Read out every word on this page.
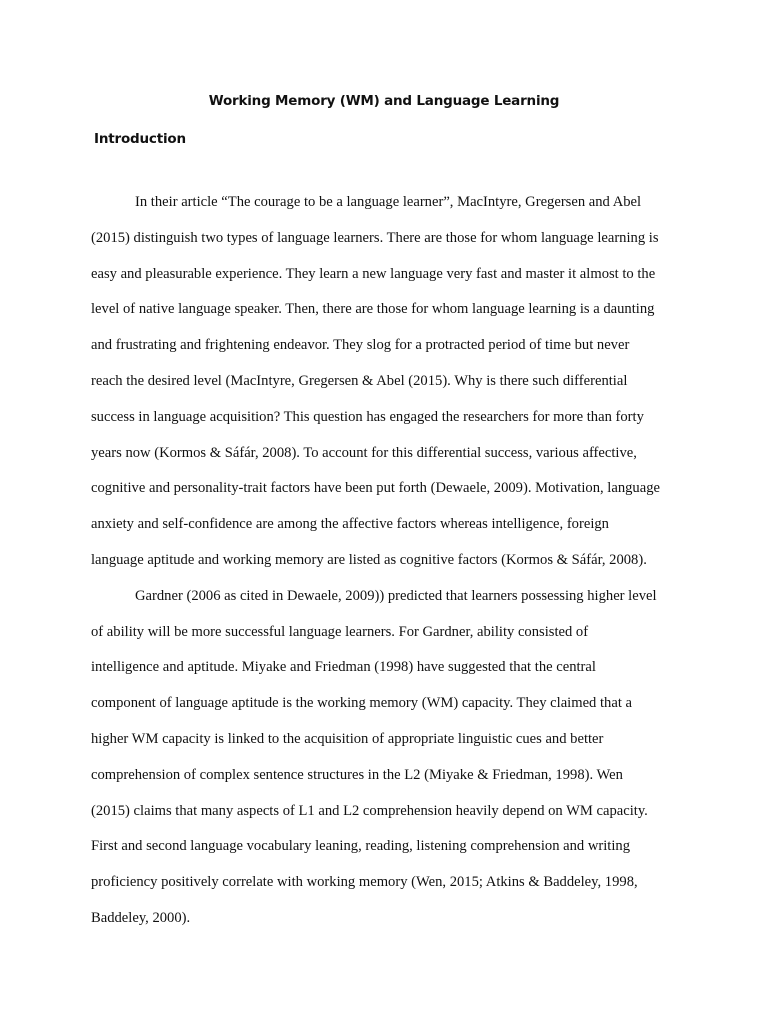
Working Memory (WM) and Language Learning
Introduction
In their article “The courage to be a language learner”, MacIntyre, Gregersen and Abel
(2015) distinguish two types of language learners. There are those for whom language learning is
easy and pleasurable experience. They learn a new language very fast and master it almost to the
level of native language speaker. Then, there are those for whom language learning is a daunting
and frustrating and frightening endeavor. They slog for a protracted period of time but never
reach the desired level (MacIntyre, Gregersen & Abel (2015). Why is there such differential
success in language acquisition? This question has engaged the researchers for more than forty
years now (Kormos & Sáfár, 2008). To account for this differential success, various affective,
cognitive and personality-trait factors have been put forth (Dewaele, 2009). Motivation, language
anxiety and self-confidence are among the affective factors whereas intelligence, foreign
language aptitude and working memory are listed as cognitive factors (Kormos & Sáfár, 2008).
Gardner (2006 as cited in Dewaele, 2009)) predicted that learners possessing higher level
of ability will be more successful language learners. For Gardner, ability consisted of
intelligence and aptitude. Miyake and Friedman (1998) have suggested that the central
component of language aptitude is the working memory (WM) capacity. They claimed that a
higher WM capacity is linked to the acquisition of appropriate linguistic cues and better
comprehension of complex sentence structures in the L2 (Miyake & Friedman, 1998). Wen
(2015) claims that many aspects of L1 and L2 comprehension heavily depend on WM capacity.
First and second language vocabulary leaning, reading, listening comprehension and writing
proficiency positively correlate with working memory (Wen, 2015; Atkins & Baddeley, 1998,
Baddeley, 2000).
